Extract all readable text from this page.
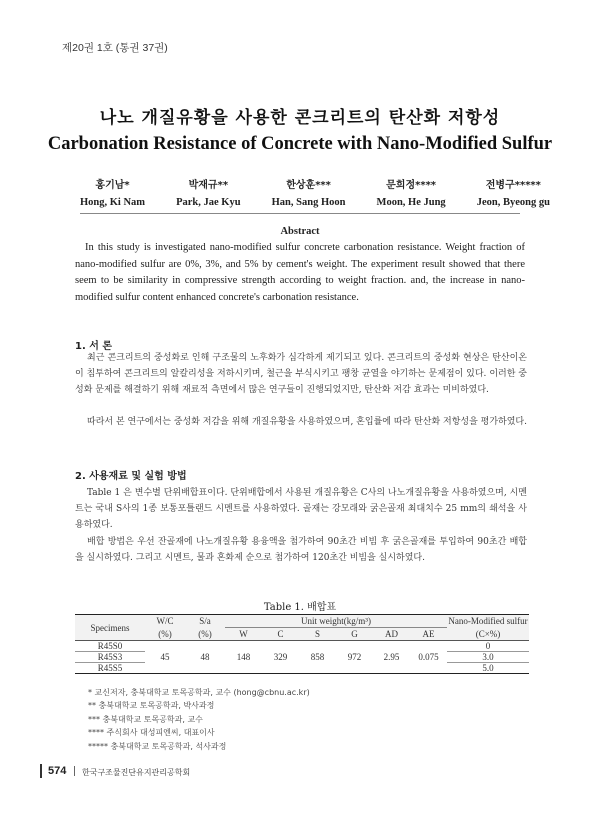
제20권 1호 (통권 37권)
나노 개질유황을 사용한 콘크리트의 탄산화 저항성
Carbonation Resistance of Concrete with Nano-Modified Sulfur
홍기남*
Hong, Ki Nam
박재규**
Park, Jae Kyu
한상훈***
Han, Sang Hoon
문희정****
Moon, He Jung
전병구*****
Jeon, Byeong gu
Abstract
In this study is investigated nano-modified sulfur concrete carbonation resistance. Weight fraction of nano-modified sulfur are 0%, 3%, and 5% by cement's weight. The experiment result showed that there seem to be similarity in compressive strength according to weight fraction. and, the increase in nano-modified sulfur content enhanced concrete's carbonation resistance.
1. 서 론
최근 콘크리트의 중성화로 인해 구조물의 노후화가 심각하게 제기되고 있다. 콘크리트의 중성화 현상은 탄산이온이 침투하여 콘크리트의 알칼리성을 저하시키며, 철근을 부식시키고 팽창 균열을 야기하는 문제점이 있다. 이러한 중성화 문제를 해결하기 위해 재료적 측면에서 많은 연구들이 진행되었지만, 탄산화 저감 효과는 미비하였다.
따라서 본 연구에서는 중성화 저감을 위해 개질유황을 사용하였으며, 혼입률에 따라 탄산화 저항성을 평가하였다.
2. 사용재료 및 실험 방법
Table 1 은 변수별 단위배합표이다. 단위배합에서 사용된 개질유황은 C사의 나노개질유황을 사용하였으며, 시멘트는 국내 S사의 1종 보통포틀랜드 시멘트를 사용하였다. 골재는 강모래와 굵은골재 최대치수 25 mm의 쇄석을 사용하였다.
배합 방법은 우선 잔골재에 나노개질유황 용융액을 첨가하여 90초간 비빔 후 굵은골재를 투입하여 90초간 배합을 실시하였다. 그리고 시멘트, 물과 혼화제 순으로 첨가하여 120초간 비빔을 실시하였다.
Table 1. 배합표
Specimens	W/C	S/a	Unit weight(kg/m³)						Nano-Modified sulfur
	(%)	(%)	W	C	S	G	AD	AE	(C×%)
R45S0	45	48	148	329	858	972	2.95	0.075	0
R45S3									3.0
R45S5									5.0
* 교신저자, 충북대학교 토목공학과, 교수 (hong@cbnu.ac.kr)
** 충북대학교 토목공학과, 박사과정
*** 충북대학교 토목공학과, 교수
**** 주식회사 대성피엔씨, 대표이사
***** 충북대학교 토목공학과, 석사과정
574 한국구조물진단유지관리공학회
